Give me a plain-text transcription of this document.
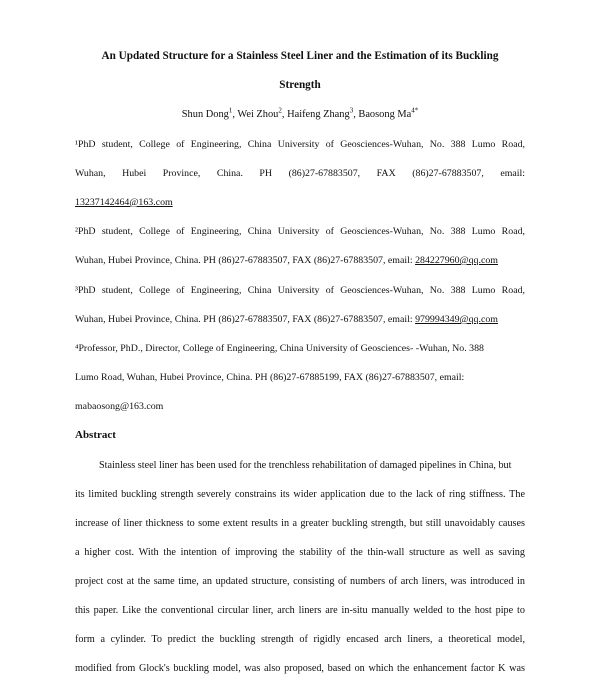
An Updated Structure for a Stainless Steel Liner and the Estimation of its Buckling
Strength
Shun Dong$^1$, Wei Zhou$^2$, Haifeng Zhang$^3$, Baosong $Ma^{4*}$
¹PhD student, College of Engineering, China University of Geosciences-Wuhan, No. 388 Lumo Road,
Wuhan, Hubei Province, China. PH (86)27-67883507, FAX (86)27-67883507, email:
13237142464@163.com
²PhD student, College of Engineering, China University of Geosciences-Wuhan, No. 388 Lumo Road,
Wuhan, Hubei Province, China. PH (86)27-67883507, FAX (86)27-67883507, email: 284227960@qq.com
³PhD student, College of Engineering, China University of Geosciences-Wuhan, No. 388 Lumo Road,
Wuhan, Hubei Province, China. PH (86)27-67883507, FAX (86)27-67883507, email: 979994349@qq.com
⁴Professor, PhD., Director, College of Engineering, China University of Geosciences- -Wuhan, No. 388
Lumo Road, Wuhan, Hubei Province, China. PH (86)27-67885199, FAX (86)27-67883507, email:
mabaosong@163.com
Abstract
Stainless steel liner has been used for the trenchless rehabilitation of damaged pipelines in China, but
its limited buckling strength severely constrains its wider application due to the lack of ring stiffness. The
increase of liner thickness to some extent results in a greater buckling strength, but still unavoidably causes
a higher cost. With the intention of improving the stability of the thin-wall structure as well as saving
project cost at the same time, an updated structure, consisting of numbers of arch liners, was introduced in
this paper. Like the conventional circular liner, arch liners are in-situ manually welded to the host pipe to
form a cylinder. To predict the buckling strength of rigidly encased arch liners, a theoretical model,
modified from Glock's buckling model, was also proposed, based on which the enhancement factor K was
